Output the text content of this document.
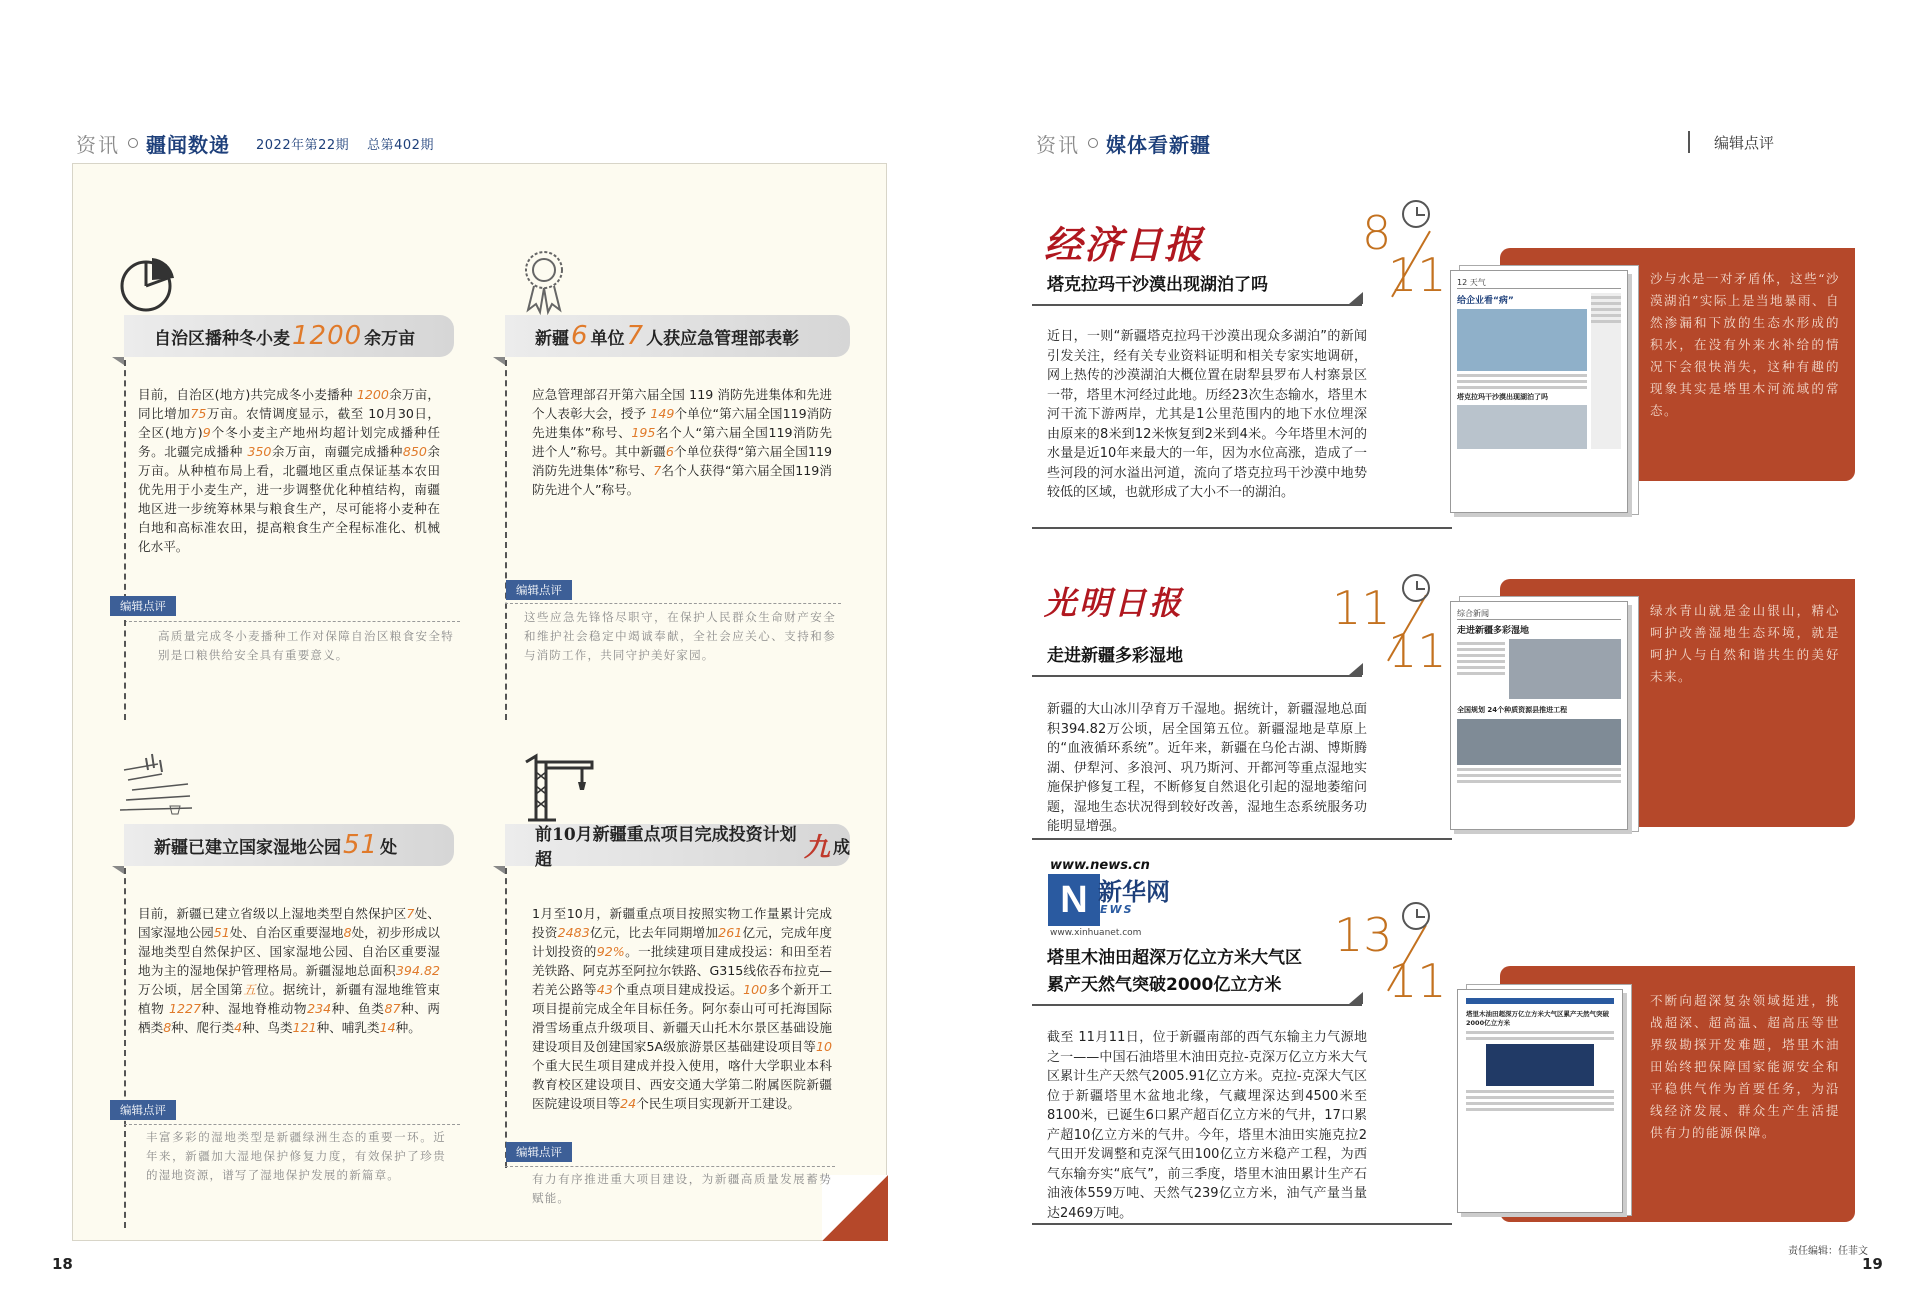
资讯 疆闻数递 2022年第22期 总第402期
自治区播种冬小麦 1200 余万亩
目前，自治区(地方)共完成冬小麦播种 1200余万亩，同比增加75万亩。农情调度显示，截至 10月30日，全区(地方)9个冬小麦主产地州均超计划完成播种任务。北疆完成播种 350余万亩，南疆完成播种850余万亩。从种植布局上看，北疆地区重点保证基本农田优先用于小麦生产，进一步调整优化种植结构，南疆地区进一步统筹林果与粮食生产，尽可能将小麦种在白地和高标准农田，提高粮食生产全程标准化、机械化水平。
编辑点评
高质量完成冬小麦播种工作对保障自治区粮食安全特别是口粮供给安全具有重要意义。
新疆 6 单位 7 人获应急管理部表彰
应急管理部召开第六届全国 119 消防先进集体和先进个人表彰大会，授予 149个单位“第六届全国119消防先进集体”称号、195名个人“第六届全国119消防先进个人”称号。其中新疆6个单位获得“第六届全国119消防先进集体”称号、7名个人获得“第六届全国119消防先进个人”称号。
编辑点评
这些应急先锋恪尽职守，在保护人民群众生命财产安全和维护社会稳定中竭诚奉献，全社会应关心、支持和参与消防工作，共同守护美好家园。
新疆已建立国家湿地公园 51 处
目前，新疆已建立省级以上湿地类型自然保护区7处、国家湿地公园51处、自治区重要湿地8处，初步形成以湿地类型自然保护区、国家湿地公园、自治区重要湿地为主的湿地保护管理格局。新疆湿地总面积394.82万公顷，居全国第五位。据统计，新疆有湿地维管束植物 1227种、湿地脊椎动物234种、鱼类87种、两栖类8种、爬行类4种、鸟类121种、哺乳类14种。
编辑点评
丰富多彩的湿地类型是新疆绿洲生态的重要一环。近年来，新疆加大湿地保护修复力度，有效保护了珍贵的湿地资源，谱写了湿地保护发展的新篇章。
前10月新疆重点项目完成投资计划超	九 成
1月至10月，新疆重点项目按照实物工作量累计完成投资2483亿元，比去年同期增加261亿元，完成年度计划投资的92%。一批续建项目建成投运：和田至若羌铁路、阿克苏至阿拉尔铁路、G315线依吞布拉克—若羌公路等43个重点项目建成投运。100多个新开工项目提前完成全年目标任务。阿尔泰山可可托海国际滑雪场重点升级项目、新疆天山托木尔景区基础设施建设项目及创建国家5A级旅游景区基础建设项目等10个重大民生项目建成并投入使用，喀什大学职业本科教育校区建设项目、西安交通大学第二附属医院新疆医院建设项目等24个民生项目实现新开工建设。
编辑点评
有力有序推进重大项目建设，为新疆高质量发展蓄势赋能。
18
资讯 媒体看新疆	编辑点评
经济日报	8
11
塔克拉玛干沙漠出现湖泊了吗
近日，一则“新疆塔克拉玛干沙漠出现众多湖泊”的新闻引发关注，经有关专业资料证明和相关专家实地调研，网上热传的沙漠湖泊大概位置在尉犁县罗布人村寨景区一带，塔里木河经过此地。历经23次生态输水，塔里木河干流下游两岸，尤其是1公里范围内的地下水位埋深由原来的8米到12米恢复到2米到4米。今年塔里木河的水量是近10年来最大的一年，因为水位高涨，造成了一些河段的河水溢出河道，流向了塔克拉玛干沙漠中地势较低的区域，也就形成了大小不一的湖泊。
沙与水是一对矛盾体，这些“沙漠湖泊”实际上是当地暴雨、自然渗漏和下放的生态水形成的积水，在没有外来水补给的情况下会很快消失，这种有趣的现象其实是塔里木河流域的常态。
12 天气
给企业看“病”
塔克拉玛干沙漠出现湖泊了吗
光明日报	11
11
走进新疆多彩湿地
新疆的大山冰川孕育万千湿地。据统计，新疆湿地总面积394.82万公顷，居全国第五位。新疆湿地是草原上的“血液循环系统”。近年来，新疆在乌伦古湖、博斯腾湖、伊犁河、多浪河、巩乃斯河、开都河等重点湿地实施保护修复工程，不断修复自然退化引起的湿地萎缩问题，湿地生态状况得到较好改善，湿地生态系统服务功能明显增强。
绿水青山就是金山银山，精心呵护改善湿地生态环境，就是呵护人与自然和谐共生的美好未来。
综合新闻
走进新疆多彩湿地
全国规划 24个种质资源县推进工程
www.news.cn
N 新华网
EWS
www.xinhuanet.com	13
11
塔里木油田超深万亿立方米大气区
累产天然气突破2000亿立方米
截至 11月11日，位于新疆南部的西气东输主力气源地之一——中国石油塔里木油田克拉-克深万亿立方米大气区累计生产天然气2005.91亿立方米。克拉-克深大气区位于新疆塔里木盆地北缘，气藏埋深达到4500米至8100米，已诞生6口累产超百亿立方米的气井，17口累产超10亿立方米的气井。今年，塔里木油田实施克拉2气田开发调整和克深气田100亿立方米稳产工程，为西气东输夯实“底气”，前三季度，塔里木油田累计生产石油液体559万吨、天然气239亿立方米，油气产量当量达2469万吨。
不断向超深复杂领域挺进，挑战超深、超高温、超高压等世界级勘探开发难题，塔里木油田始终把保障国家能源安全和平稳供气作为首要任务，为沿线经济发展、群众生产生活提供有力的能源保障。
塔里木油田超深万亿立方米大气区累产天然气突破2000亿立方米
责任编辑：任菲文
19
